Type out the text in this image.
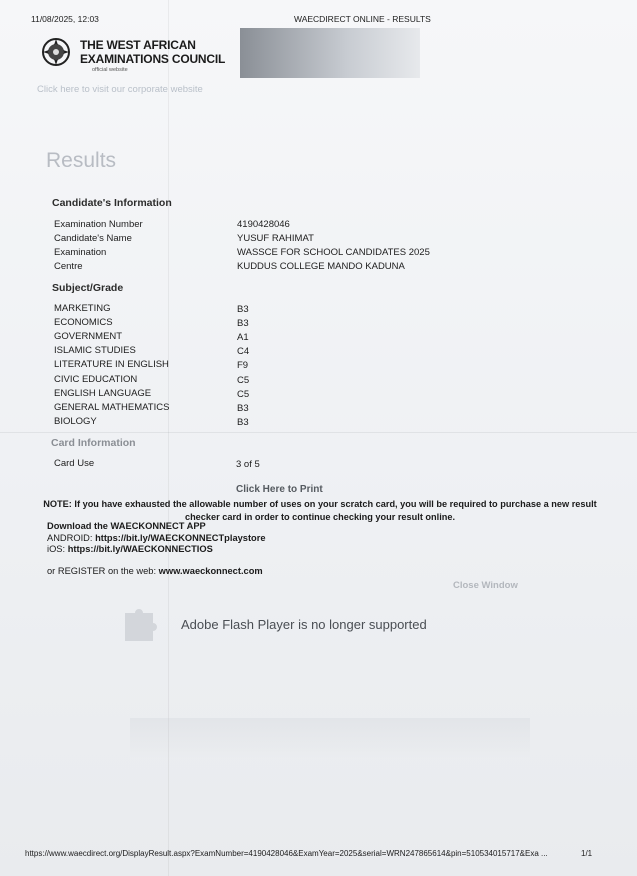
11/08/2025, 12:03	WAECDIRECT ONLINE - RESULTS
THE WEST AFRICAN
EXAMINATIONS COUNCIL
official website
Click here to visit our corporate website
Results
Candidate's Information
Examination Number	4190428046
Candidate's Name	YUSUF RAHIMAT
Examination	WASSCE FOR SCHOOL CANDIDATES 2025
Centre	KUDDUS COLLEGE MANDO KADUNA
Subject/Grade
MARKETING	B3
ECONOMICS	B3
GOVERNMENT	A1
ISLAMIC STUDIES	C4
LITERATURE IN ENGLISH	F9
CIVIC EDUCATION	C5
ENGLISH LANGUAGE	C5
GENERAL MATHEMATICS	B3
BIOLOGY	B3
Card Information
Card Use	3 of 5
Click Here to Print
NOTE: If you have exhausted the allowable number of uses on your scratch card, you will be required to purchase a new result checker card in order to continue checking your result online.
Download the WAECKONNECT APP
ANDROID: https://bit.ly/WAECKONNECTplaystore
iOS: https://bit.ly/WAECKONNECTIOS
or REGISTER on the web: www.waeckonnect.com
Close Window
Adobe Flash Player is no longer supported
https://www.waecdirect.org/DisplayResult.aspx?ExamNumber=4190428046&ExamYear=2025&serial=WRN247865614&pin=510534015717&Exa ...	1/1
